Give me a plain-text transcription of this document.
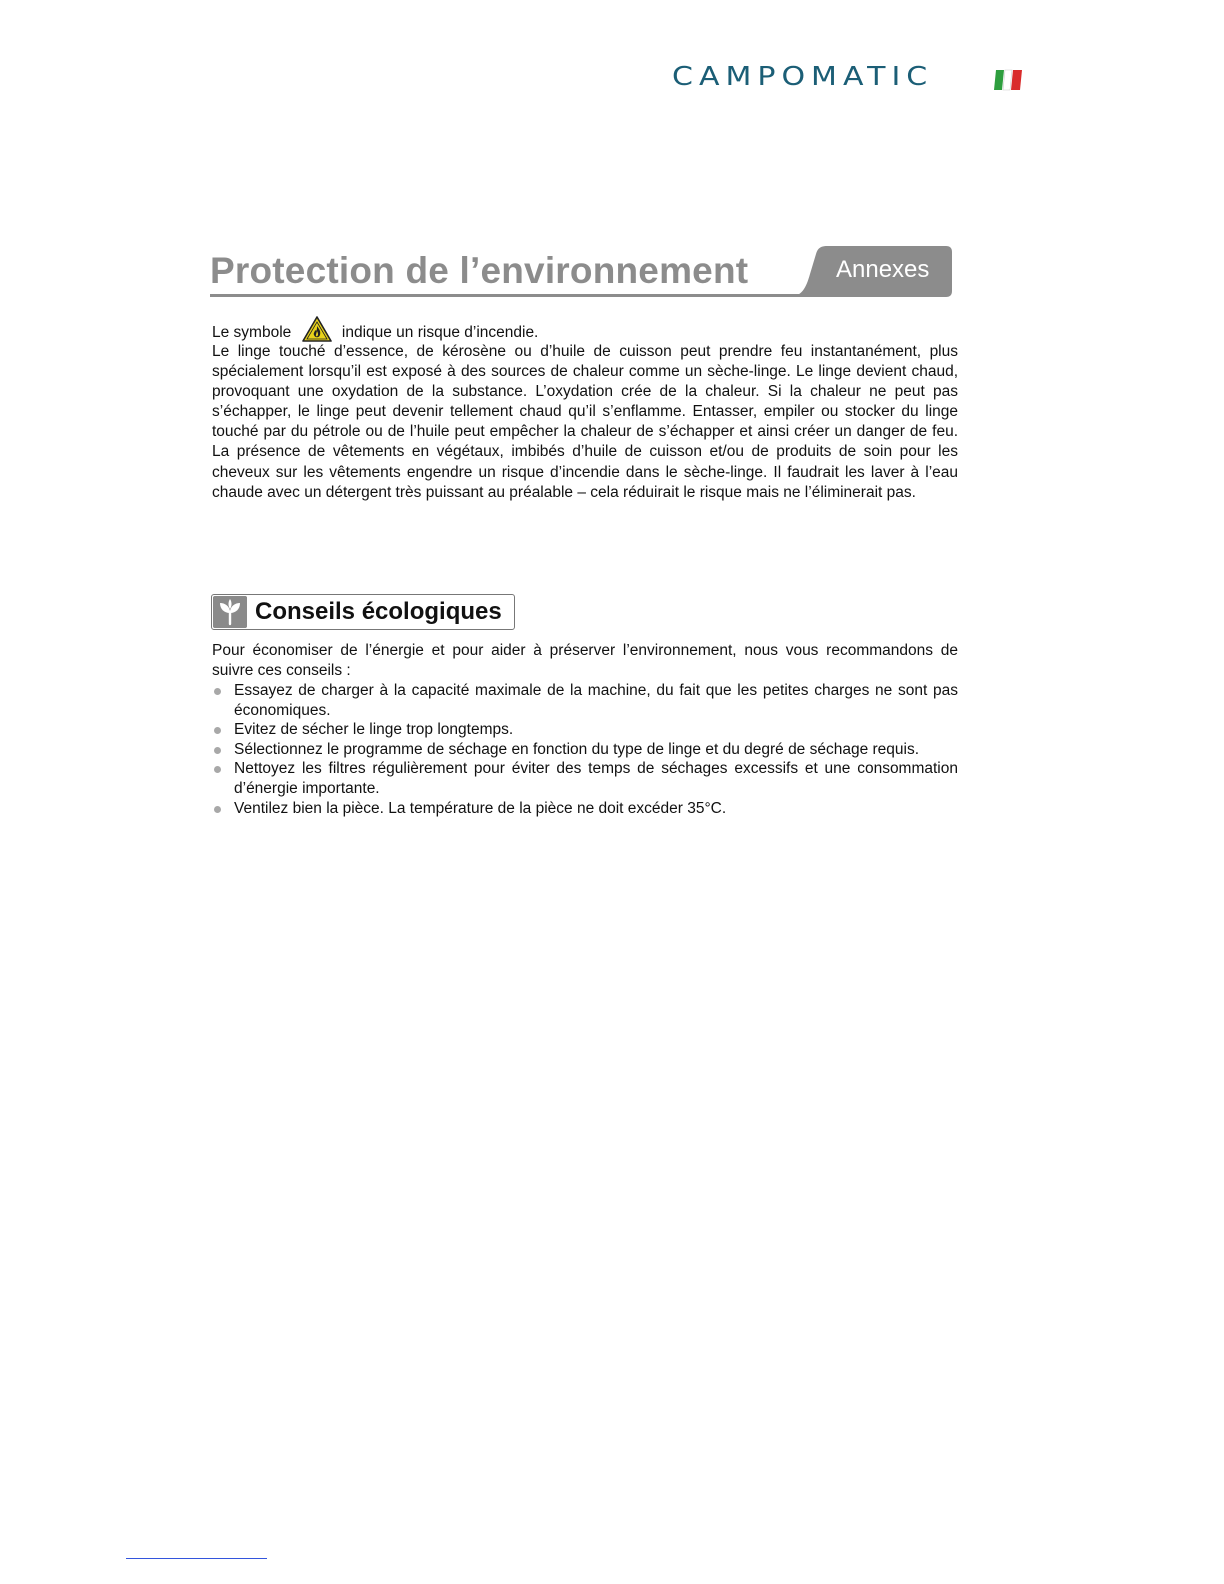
CAMPOMATIC
Protection de l’environnement	Annexes
Le symbole	indique un risque d’incendie.

Le linge touché d’essence, de kérosène ou d’huile de cuisson peut prendre feu instantanément, plus spécialement lorsqu’il est exposé à des sources de chaleur comme un sèche-linge. Le linge devient chaud, provoquant une oxydation de la substance. L’oxydation crée de la chaleur. Si la chaleur ne peut pas s’échapper, le linge peut devenir tellement chaud qu’il s’enflamme. Entasser, empiler ou stocker du linge touché par du pétrole ou de l’huile peut empêcher la chaleur de s’échapper et ainsi créer un danger de feu. La présence de vêtements en végétaux, imbibés d’huile de cuisson et/ou de produits de soin pour les cheveux sur les vêtements engendre un risque d’incendie dans le sèche-linge. Il faudrait les laver à l’eau chaude avec un détergent très puissant au préalable – cela réduirait le risque mais ne l’éliminerait pas.

Conseils écologiques

Pour économiser de l’énergie et pour aider à préserver l’environnement, nous vous recommandons de suivre ces conseils :

Essayez de charger à la capacité maximale de la machine, du fait que les petites charges ne sont pas économiques.
Evitez de sécher le linge trop longtemps.
Sélectionnez le programme de séchage en fonction du type de linge et du degré de séchage requis.
Nettoyez les filtres régulièrement pour éviter des temps de séchages excessifs et une consommation d’énergie importante.
Ventilez bien la pièce. La température de la pièce ne doit excéder 35°C.
